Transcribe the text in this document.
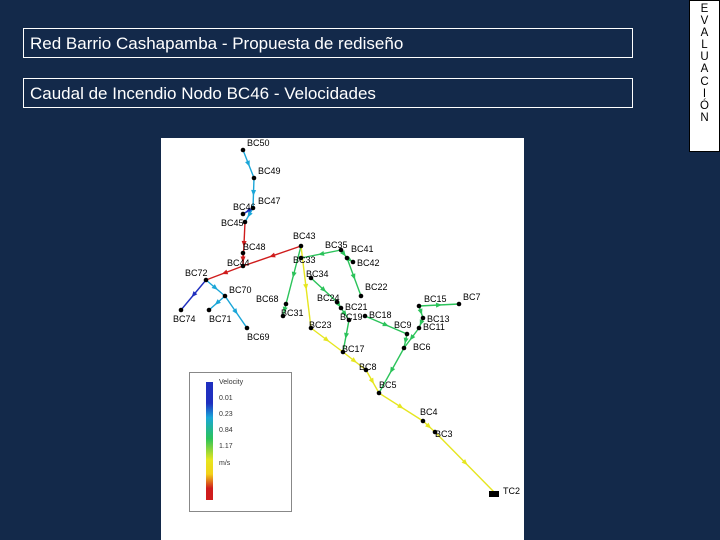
Red Barrio Cashapamba - Propuesta de rediseño
Caudal de Incendio Nodo BC46 - Velocidades
E
V
A
L
U
A
C
I
Ó
N
BC50
BC49
BC47
BC46
BC45
BC48
BC44
BC72
BC70
BC74 BC71
BC69
BC68
BC43
BC35 BC41
BC42
BC33
BC34
BC22
BC24
BC21
BC19 BC18
BC31
BC23
BC15 BC7
BC13
BC11
BC9
BC17	BC6
BC8
BC5
BC4
BC3
TC2
Velocity
0.01
0.23
0.84
1.17
m/s
